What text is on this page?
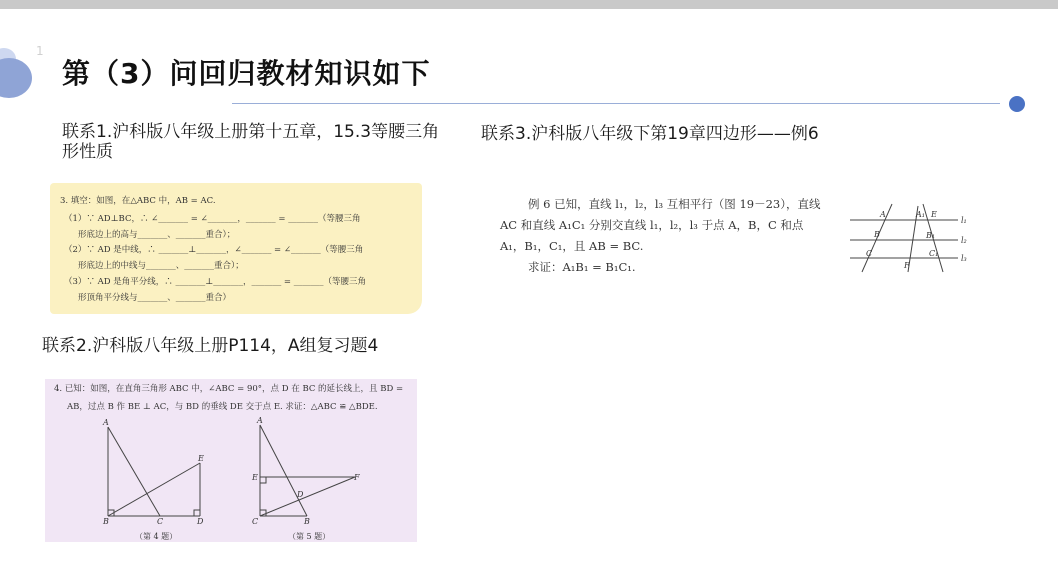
1
第（3）问回归教材知识如下
联系1.沪科版八年级上册第十五章，15.3等腰三角形性质
联系2.沪科版八年级上册P114，A组复习题4
联系3.沪科版八年级下第19章四边形——例6
3. 填空：如图，在△ABC 中，AB = AC.
（1）∵ AD⊥BC，∴ ∠_______ = ∠_______，_______ = _______（等腰三角
形底边上的高与_______、_______重合）；
（2）∵ AD 是中线，∴ _______⊥_______，∠_______ = ∠_______（等腰三角
形底边上的中线与_______、_______重合）；
（3）∵ AD 是角平分线，∴ _______⊥_______，_______ = _______（等腰三角
形顶角平分线与_______、_______重合）
4. 已知：如图，在直角三角形 ABC 中，∠ABC = 90°，点 D 在 BC 的延长线上，且 BD =
AB，过点 B 作 BE ⊥ AC，与 BD 的垂线 DE 交于点 E. 求证：△ABC ≌ △BDE.
A
B	C	D
E
A
E
C	B
D
F
（第 4 题）	（第 5 题）
例 6 已知，直线 l₁，l₂，l₃ 互相平行（图 19－23），直线
AC 和直线 A₁C₁ 分别交直线 l₁，l₂，l₃ 于点 A，B，C 和点
A₁，B₁，C₁，且 AB = BC.
求证：A₁B₁ = B₁C₁.
A	A₁ E
B	B₁
C	C₁
F
l₁
l₂
l₃
